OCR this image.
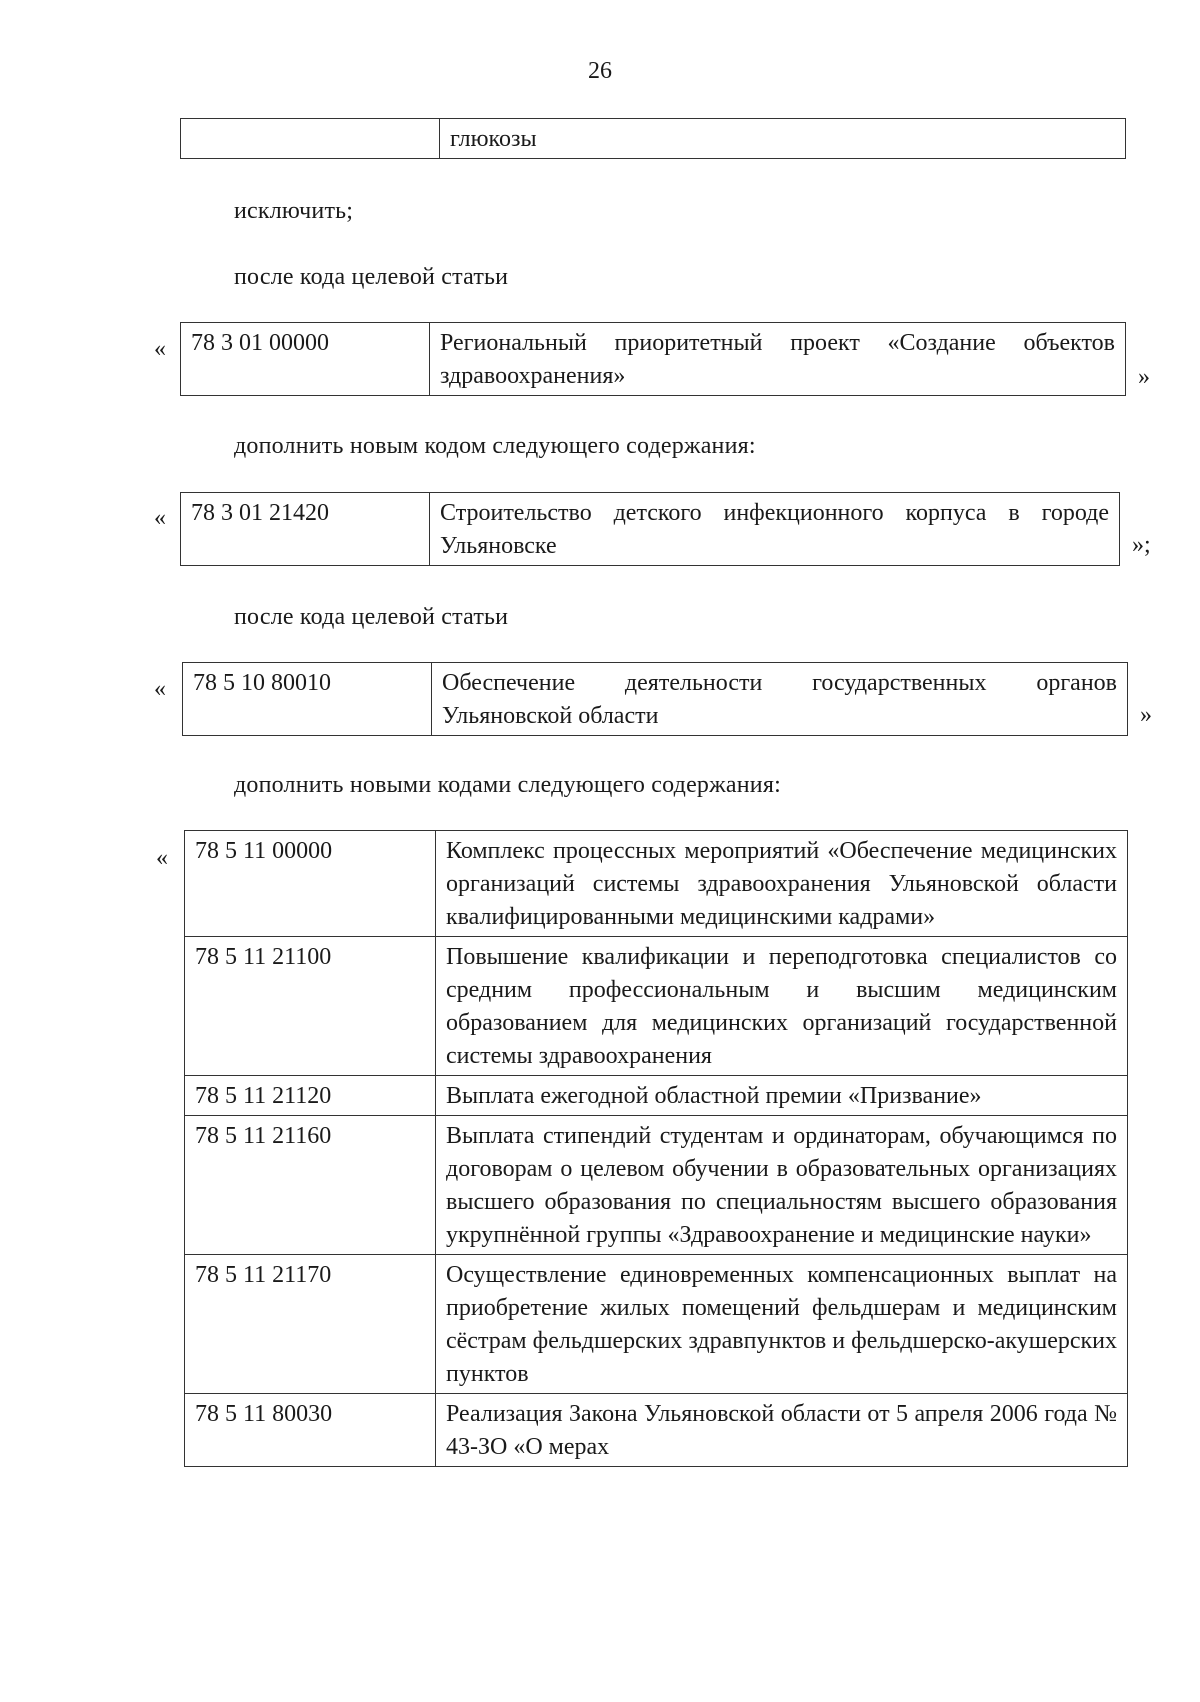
26
	глюкозы
исключить;
после кода целевой статьи
« 78 3 01 00000	Региональный приоритетный проект «Создание объектов здравоохранения»	»
дополнить новым кодом следующего содержания:
« 78 3 01 21420	Строительство детского инфекционного корпуса в городе Ульяновске	»;
после кода целевой статьи
« 78 5 10 80010	Обеспечение деятельности государственных органов Ульяновской области	»
дополнить новыми кодами следующего содержания:
« 78 5 11 00000	Комплекс процессных мероприятий «Обеспечение медицинских организаций системы здравоохранения Ульяновской области квалифицированными медицинскими кадрами»

78 5 11 21100	Повышение квалификации и переподготовка специалистов со средним профессиональным и высшим медицинским образованием для медицинских организаций государственной системы здравоохранения

78 5 11 21120	Выплата ежегодной областной премии «Призвание»

78 5 11 21160	Выплата стипендий студентам и ординаторам, обучающимся по договорам о целевом обучении в образовательных организациях высшего образования по специальностям высшего образования укрупнённой группы «Здравоохранение и медицинские науки»

78 5 11 21170	Осуществление единовременных компенсационных выплат на приобретение жилых помещений фельдшерам и медицинским сёстрам фельдшерских здравпунктов и фельдшерско-акушерских пунктов

78 5 11 80030	Реализация Закона Ульяновской области от 5 апреля 2006 года № 43-ЗО «О мерах
